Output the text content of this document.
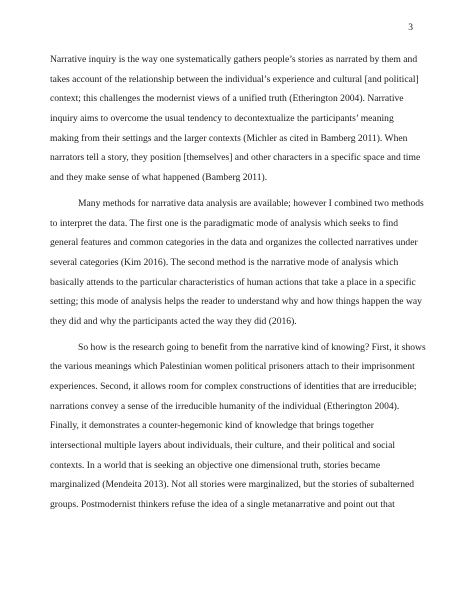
3
Narrative inquiry is the way one systematically gathers people’s stories as narrated by them and
takes account of the relationship between the individual’s experience and cultural [and political]
context; this challenges the modernist views of a unified truth (Etherington 2004). Narrative
inquiry aims to overcome the usual tendency to decontextualize the participants’ meaning
making from their settings and the larger contexts (Michler as cited in Bamberg 2011). When
narrators tell a story, they position [themselves] and other characters in a specific space and time
and they make sense of what happened (Bamberg 2011).
Many methods for narrative data analysis are available; however I combined two methods
to interpret the data. The first one is the paradigmatic mode of analysis which seeks to find
general features and common categories in the data and organizes the collected narratives under
several categories (Kim 2016). The second method is the narrative mode of analysis which
basically attends to the particular characteristics of human actions that take a place in a specific
setting; this mode of analysis helps the reader to understand why and how things happen the way
they did and why the participants acted the way they did (2016).
So how is the research going to benefit from the narrative kind of knowing? First, it shows
the various meanings which Palestinian women political prisoners attach to their imprisonment
experiences. Second, it allows room for complex constructions of identities that are irreducible;
narrations convey a sense of the irreducible humanity of the individual (Etherington 2004).
Finally, it demonstrates a counter-hegemonic kind of knowledge that brings together
intersectional multiple layers about individuals, their culture, and their political and social
contexts. In a world that is seeking an objective one dimensional truth, stories became
marginalized (Mendeita 2013). Not all stories were marginalized, but the stories of subalterned
groups. Postmodernist thinkers refuse the idea of a single metanarrative and point out that
